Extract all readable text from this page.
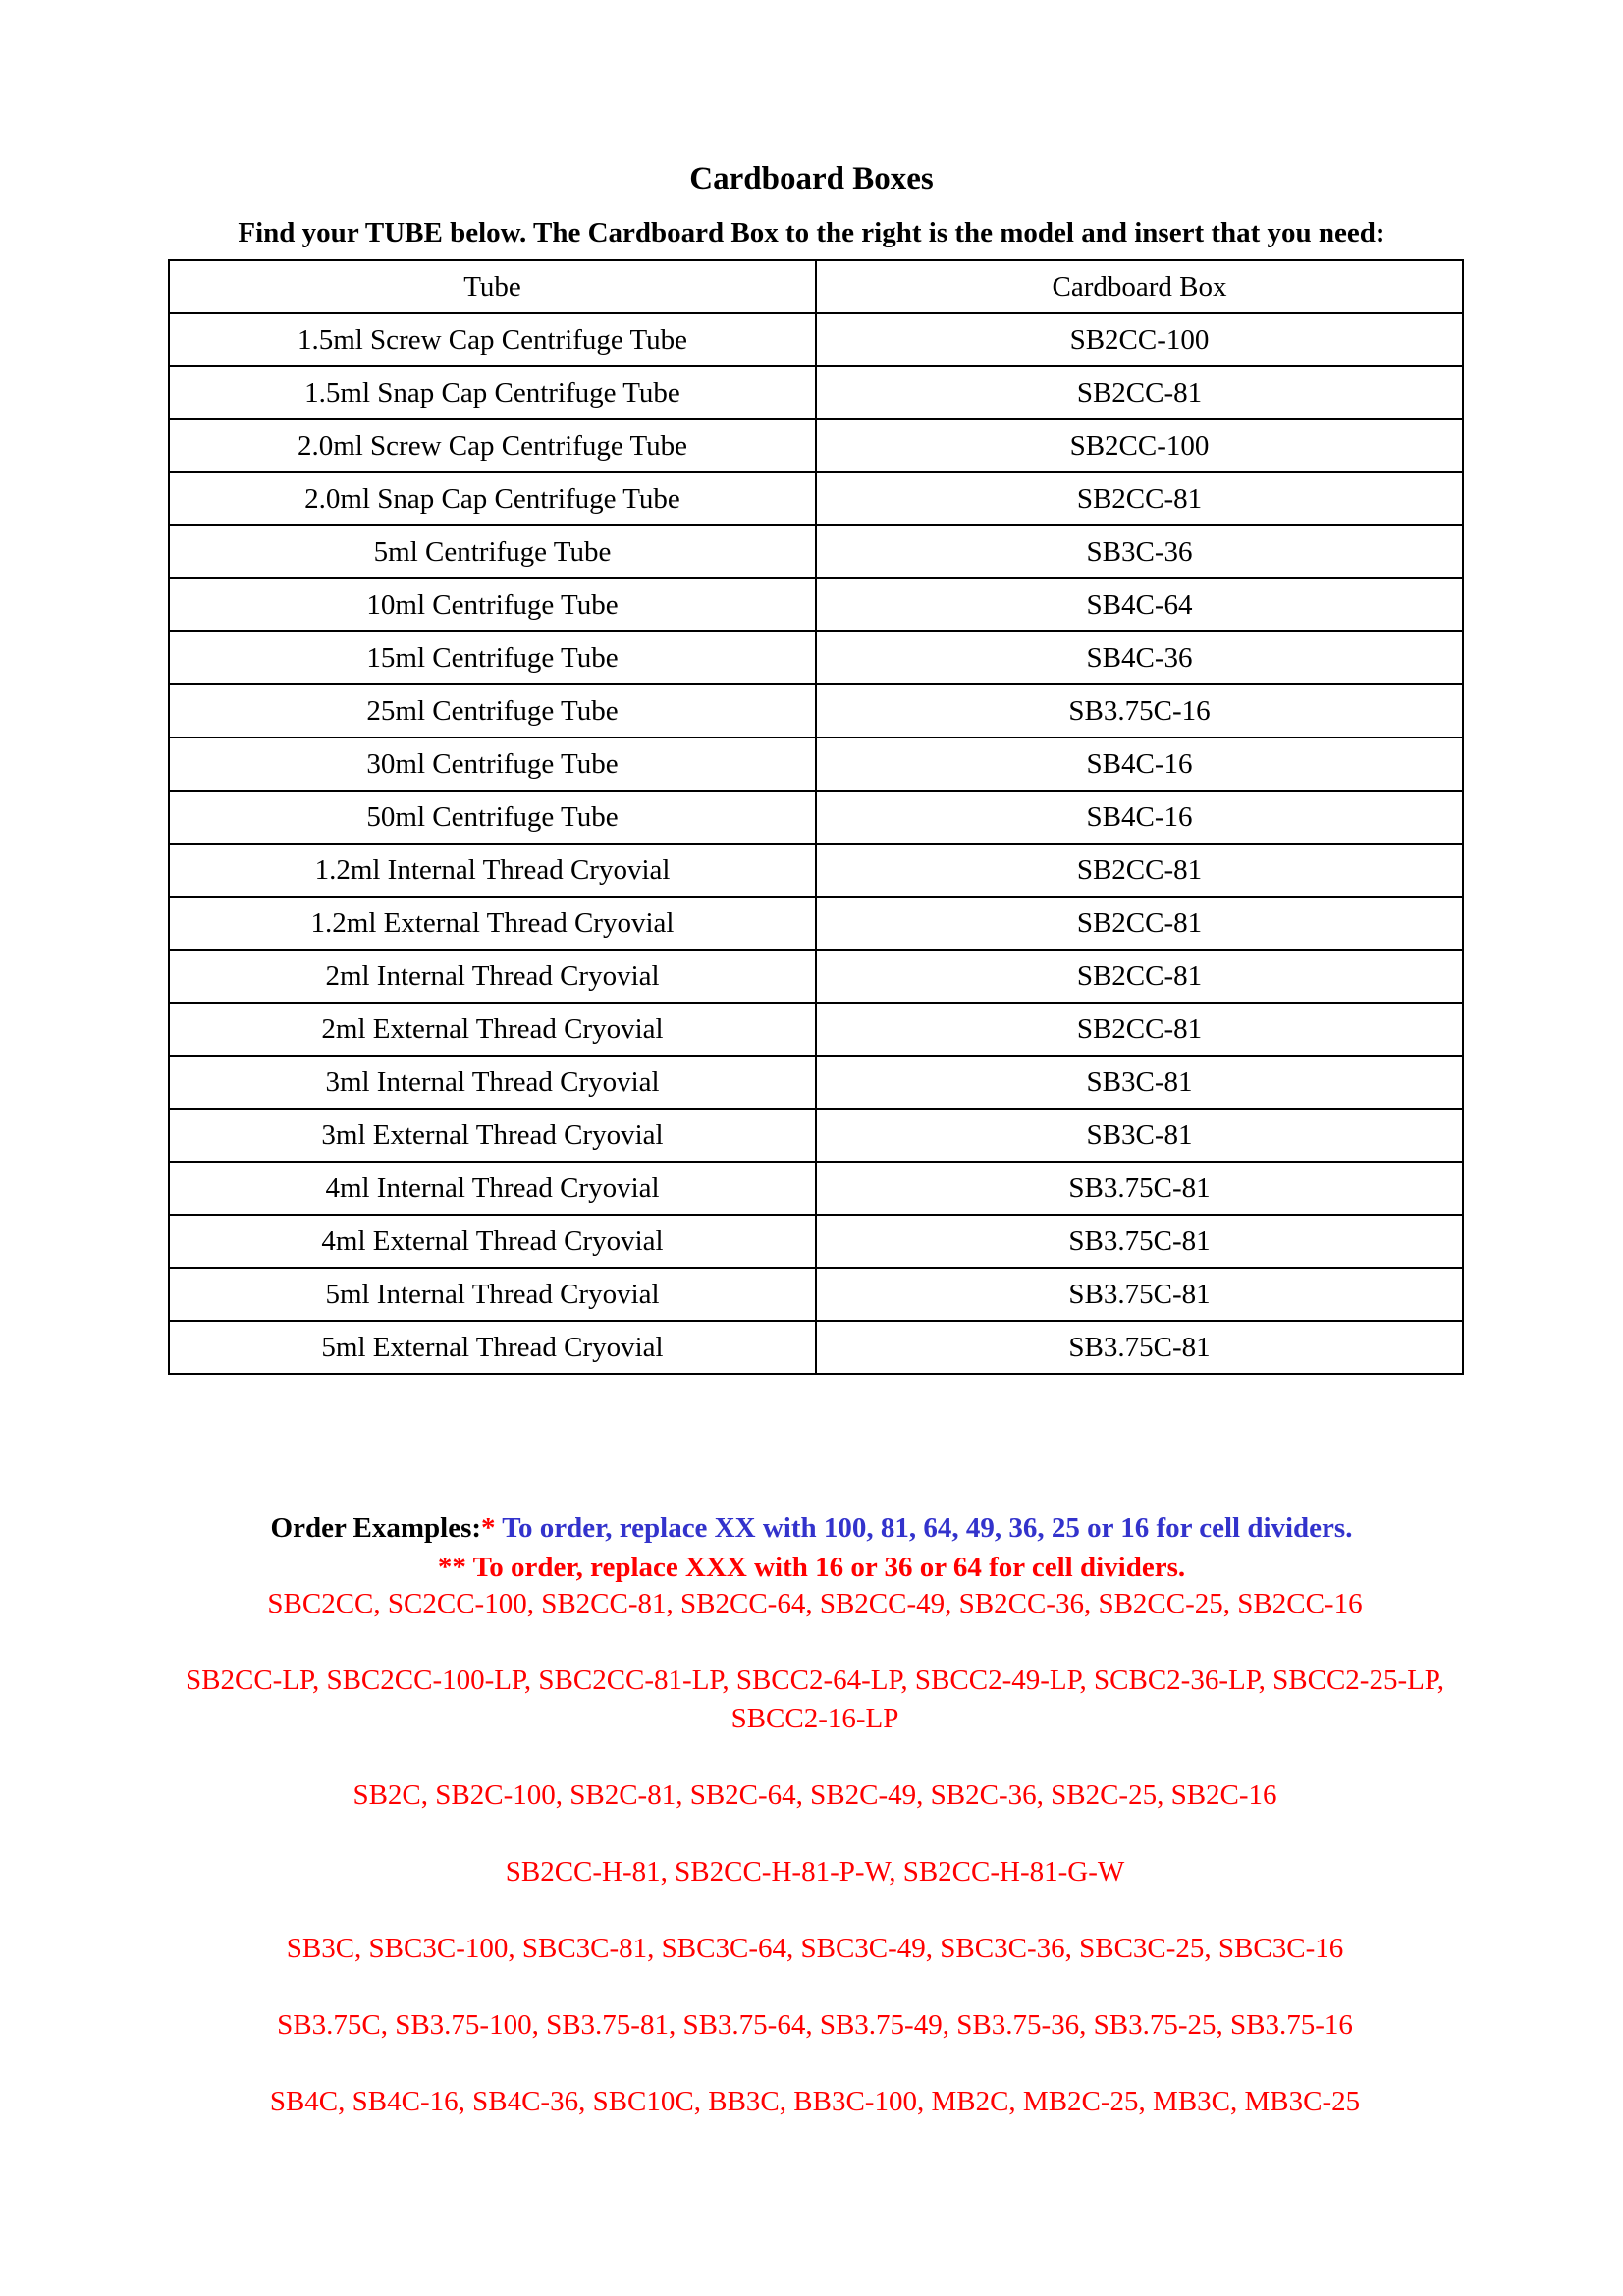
Cardboard Boxes
Find your TUBE below. The Cardboard Box to the right is the model and insert that you need:
Tube	Cardboard Box
1.5ml Screw Cap Centrifuge Tube	SB2CC-100
1.5ml Snap Cap Centrifuge Tube	SB2CC-81
2.0ml Screw Cap Centrifuge Tube	SB2CC-100
2.0ml Snap Cap Centrifuge Tube	SB2CC-81
5ml Centrifuge Tube	SB3C-36
10ml Centrifuge Tube	SB4C-64
15ml Centrifuge Tube	SB4C-36
25ml Centrifuge Tube	SB3.75C-16
30ml Centrifuge Tube	SB4C-16
50ml Centrifuge Tube	SB4C-16
1.2ml Internal Thread Cryovial	SB2CC-81
1.2ml External Thread Cryovial	SB2CC-81
2ml Internal Thread Cryovial	SB2CC-81
2ml External Thread Cryovial	SB2CC-81
3ml Internal Thread Cryovial	SB3C-81
3ml External Thread Cryovial	SB3C-81
4ml Internal Thread Cryovial	SB3.75C-81
4ml External Thread Cryovial	SB3.75C-81
5ml Internal Thread Cryovial	SB3.75C-81
5ml External Thread Cryovial	SB3.75C-81
Order Examples:* To order, replace XX with 100, 81, 64, 49, 36, 25 or 16 for cell dividers.
** To order, replace XXX with 16 or 36 or 64 for cell dividers.

SBC2CC, SC2CC-100, SB2CC-81, SB2CC-64, SB2CC-49, SB2CC-36, SB2CC-25, SB2CC-16

SB2CC-LP, SBC2CC-100-LP, SBC2CC-81-LP, SBCC2-64-LP, SBCC2-49-LP, SCBC2-36-LP, SBCC2-25-LP, SBCC2-16-LP

SB2C, SB2C-100, SB2C-81, SB2C-64, SB2C-49, SB2C-36, SB2C-25, SB2C-16

SB2CC-H-81, SB2CC-H-81-P-W, SB2CC-H-81-G-W

SB3C, SBC3C-100, SBC3C-81, SBC3C-64, SBC3C-49, SBC3C-36, SBC3C-25, SBC3C-16

SB3.75C, SB3.75-100, SB3.75-81, SB3.75-64, SB3.75-49, SB3.75-36, SB3.75-25, SB3.75-16

SB4C, SB4C-16, SB4C-36, SBC10C, BB3C, BB3C-100, MB2C, MB2C-25, MB3C, MB3C-25
